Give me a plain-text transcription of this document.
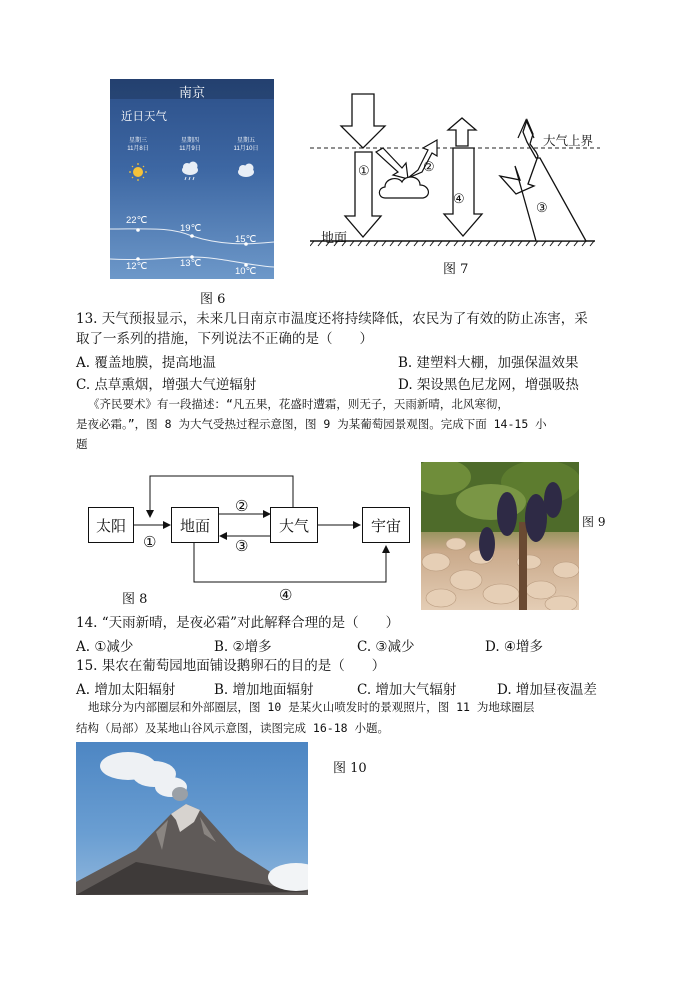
南京
近日天气
星期三
11月8日
星期四
11月9日
星期五
11月10日
22℃
19℃
15℃
12℃	13℃
10℃
图 6
大气上界
地面
①	②
④
③
图 7
13. 天气预报显示，未来几日南京市温度还将持续降低，农民为了有效的防止冻害，采
取了一系列的措施，下列说法不正确的是（　　）
A. 覆盖地膜，提高地温	B. 建塑料大棚，加强保温效果
C. 点草熏烟，增强大气逆辐射	D. 架设黑色尼龙网，增强吸热
《齐民要术》有一段描述：“凡五果，花盛时遭霜，则无子，天雨新晴，北风寒彻，
是夜必霜。”，图 8 为大气受热过程示意图，图 9 为某葡萄园景观图。完成下面 14-15 小
题
太阳	地面	大气	宇宙
①
②
③
④
图 8
图 9
14. “天雨新晴，是夜必霜”对此解释合理的是（　　）
A. ①减少	B. ②增多	C. ③减少	D. ④增多
15. 果农在葡萄园地面铺设鹅卵石的目的是（　　）
A. 增加太阳辐射	B. 增加地面辐射	C. 增加大气辐射	D. 增加昼夜温差
地球分为内部圈层和外部圈层，图 10 是某火山喷发时的景观照片，图 11 为地球圈层
结构（局部）及某地山谷风示意图，读图完成 16-18 小题。
图 10
